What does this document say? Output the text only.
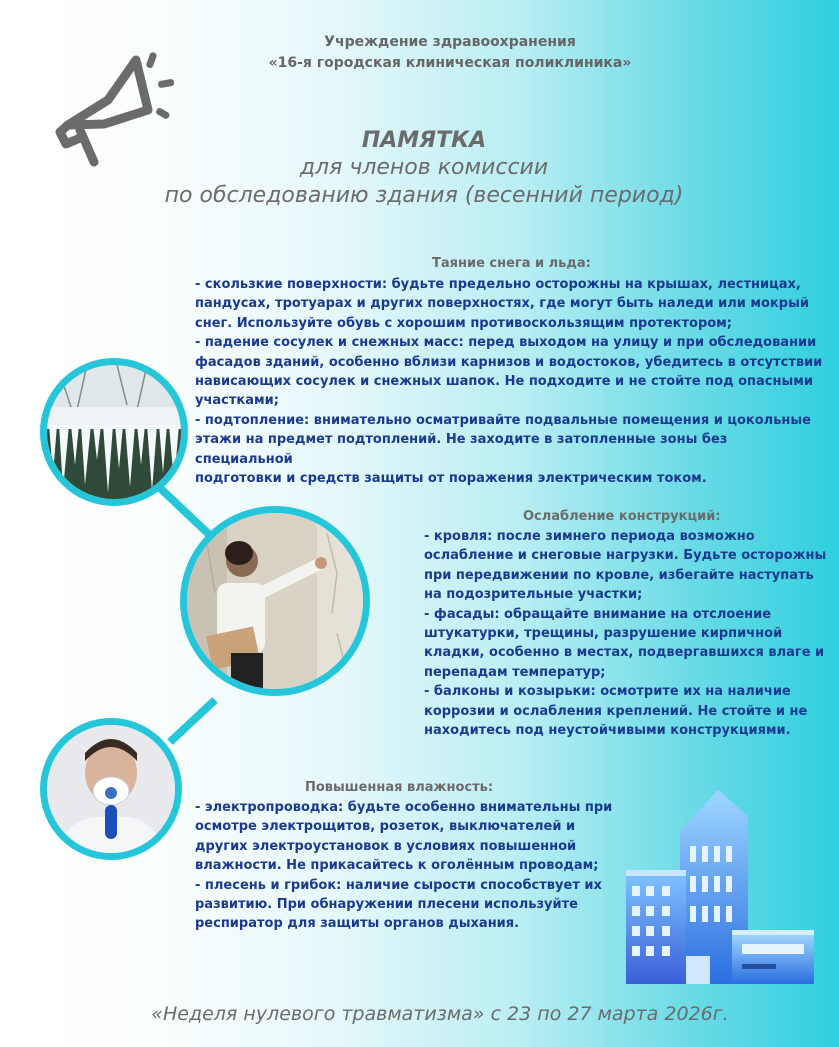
Учреждение здравоохранения
«16-я городская клиническая поликлиника»
ПАМЯТКА
для членов комиссии
по обследованию здания (весенний период)
Таяние снега и льда:
- скользкие поверхности: будьте предельно осторожны на крышах, лестницах,
пандусах, тротуарах и других поверхностях, где могут быть наледи или мокрый
снег. Используйте обувь с хорошим противоскользящим протектором;
- падение сосулек и снежных масс: перед выходом на улицу и при обследовании
фасадов зданий, особенно вблизи карнизов и водостоков, убедитесь в отсутствии
нависающих сосулек и снежных шапок. Не подходите и не стойте под опасными
участками;
- подтопление: внимательно осматривайте подвальные помещения и цокольные
этажи на предмет подтоплений. Не заходите в затопленные зоны без специальной
подготовки и средств защиты от поражения электрическим током.
Ослабление конструкций:
- кровля: после зимнего периода возможно
ослабление и снеговые нагрузки. Будьте осторожны
при передвижении по кровле, избегайте наступать
на подозрительные участки;
- фасады: обращайте внимание на отслоение
штукатурки, трещины, разрушение кирпичной
кладки, особенно в местах, подвергавшихся влаге и
перепадам температур;
- балконы и козырьки: осмотрите их на наличие
коррозии и ослабления креплений. Не стойте и не
находитесь под неустойчивыми конструкциями.
Повышенная влажность:
- электропроводка: будьте особенно внимательны при
осмотре электрощитов, розеток, выключателей и
других электроустановок в условиях повышенной
влажности. Не прикасайтесь к оголённым проводам;
- плесень и грибок: наличие сырости способствует их
развитию. При обнаружении плесени используйте
респиратор для защиты органов дыхания.
«Неделя нулевого травматизма» с 23 по 27 марта 2026г.
